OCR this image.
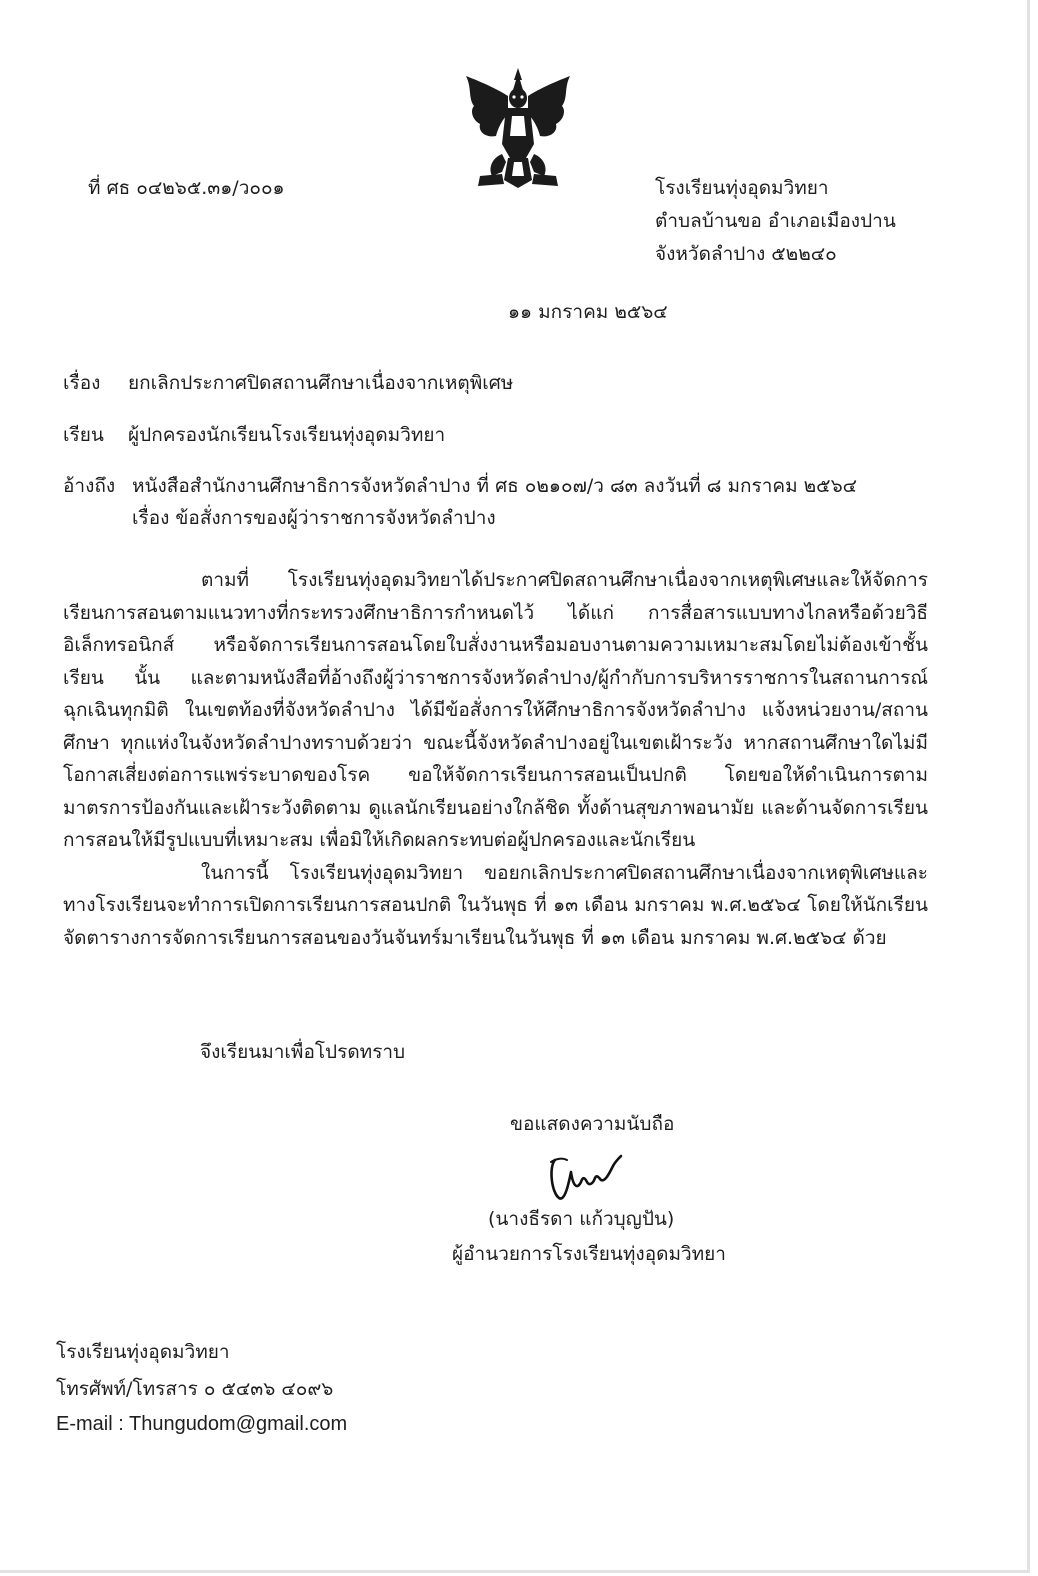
ที่ ศธ ๐๔๒๖๕.๓๑/ว๐๐๑	โรงเรียนทุ่งอุดมวิทยา
ตำบลบ้านขอ อำเภอเมืองปาน
จังหวัดลำปาง ๕๒๒๔๐
๑๑ มกราคม ๒๕๖๔
เรื่อง ยกเลิกประกาศปิดสถานศึกษาเนื่องจากเหตุพิเศษ
เรียน ผู้ปกครองนักเรียนโรงเรียนทุ่งอุดมวิทยา
อ้างถึง หนังสือสำนักงานศึกษาธิการจังหวัดลำปาง ที่ ศธ ๐๒๑๐๗/ว ๘๓ ลงวันที่ ๘ มกราคม ๒๕๖๔
เรื่อง ข้อสั่งการของผู้ว่าราชการจังหวัดลำปาง

ตามที่ โรงเรียนทุ่งอุดมวิทยาได้ประกาศปิดสถานศึกษาเนื่องจากเหตุพิเศษและให้จัดการเรียนการสอนตามแนวทางที่กระทรวงศึกษาธิการกำหนดไว้ ได้แก่ การสื่อสารแบบทางไกลหรือด้วยวิธีอิเล็กทรอนิกส์ หรือจัดการเรียนการสอนโดยใบสั่งงานหรือมอบงานตามความเหมาะสมโดยไม่ต้องเข้าชั้นเรียน นั้น และตามหนังสือที่อ้างถึงผู้ว่าราชการจังหวัดลำปาง/ผู้กำกับการบริหารราชการในสถานการณ์ฉุกเฉินทุกมิติ ในเขตท้องที่จังหวัดลำปาง ได้มีข้อสั่งการให้ศึกษาธิการจังหวัดลำปาง แจ้งหน่วยงาน/สถานศึกษา ทุกแห่งในจังหวัดลำปางทราบด้วยว่า ขณะนี้จังหวัดลำปางอยู่ในเขตเฝ้าระวัง หากสถานศึกษาใดไม่มีโอกาสเสี่ยงต่อการแพร่ระบาดของโรค ขอให้จัดการเรียนการสอนเป็นปกติ โดยขอให้ดำเนินการตามมาตรการป้องกันและเฝ้าระวังติดตาม ดูแลนักเรียนอย่างใกล้ชิด ทั้งด้านสุขภาพอนามัย และด้านจัดการเรียนการสอนให้มีรูปแบบที่เหมาะสม เพื่อมิให้เกิดผลกระทบต่อผู้ปกครองและนักเรียน

ในการนี้ โรงเรียนทุ่งอุดมวิทยา ขอยกเลิกประกาศปิดสถานศึกษาเนื่องจากเหตุพิเศษและทางโรงเรียนจะทำการเปิดการเรียนการสอนปกติ ในวันพุธ ที่ ๑๓ เดือน มกราคม พ.ศ.๒๕๖๔ โดยให้นักเรียนจัดตารางการจัดการเรียนการสอนของวันจันทร์มาเรียนในวันพุธ ที่ ๑๓ เดือน มกราคม พ.ศ.๒๕๖๔ ด้วย

จึงเรียนมาเพื่อโปรดทราบ
ขอแสดงความนับถือ
(นางธีรดา แก้วบุญปัน)
ผู้อำนวยการโรงเรียนทุ่งอุดมวิทยา
โรงเรียนทุ่งอุดมวิทยา
โทรศัพท์/โทรสาร ๐ ๕๔๓๖ ๔๐๙๖
E-mail : Thungudom@gmail.com
